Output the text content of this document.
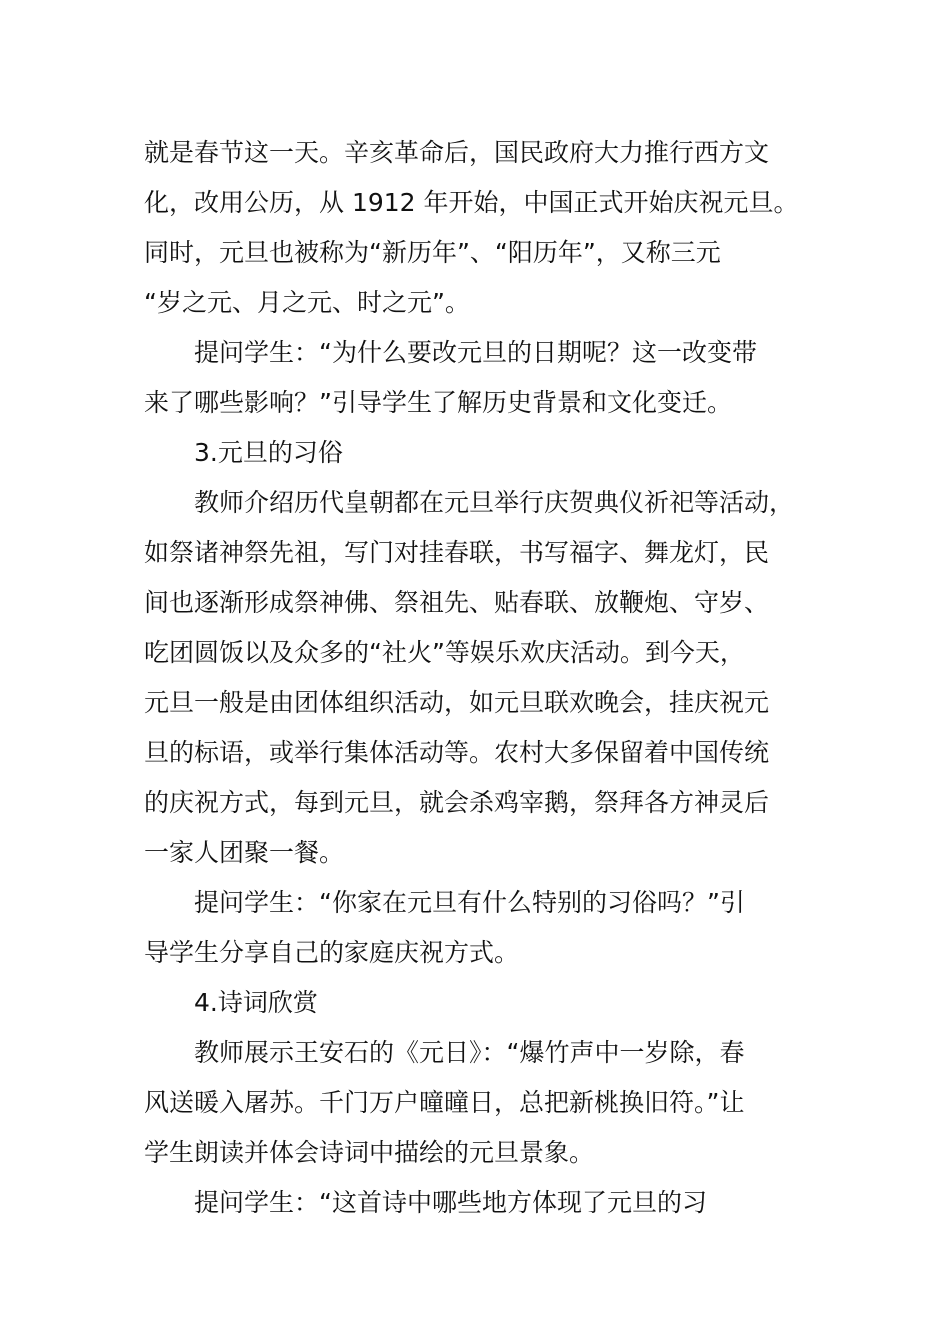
就是春节这一天。辛亥革命后，国民政府大力推行西方文
化，改用公历，从 1912 年开始，中国正式开始庆祝元旦。
同时，元旦也被称为“新历年”、“阳历年”，又称三元
“岁之元、月之元、时之元”。
提问学生：“为什么要改元旦的日期呢？这一改变带
来了哪些影响？”引导学生了解历史背景和文化变迁。
3.元旦的习俗
教师介绍历代皇朝都在元旦举行庆贺典仪祈祀等活动，
如祭诸神祭先祖，写门对挂春联，书写福字、舞龙灯，民
间也逐渐形成祭神佛、祭祖先、贴春联、放鞭炮、守岁、
吃团圆饭以及众多的“社火”等娱乐欢庆活动。到今天，
元旦一般是由团体组织活动，如元旦联欢晚会，挂庆祝元
旦的标语，或举行集体活动等。农村大多保留着中国传统
的庆祝方式，每到元旦，就会杀鸡宰鹅，祭拜各方神灵后
一家人团聚一餐。
提问学生：“你家在元旦有什么特别的习俗吗？”引
导学生分享自己的家庭庆祝方式。
4.诗词欣赏
教师展示王安石的《元日》：“爆竹声中一岁除，春
风送暖入屠苏。千门万户曈曈日，总把新桃换旧符。”让
学生朗读并体会诗词中描绘的元旦景象。
提问学生：“这首诗中哪些地方体现了元旦的习
